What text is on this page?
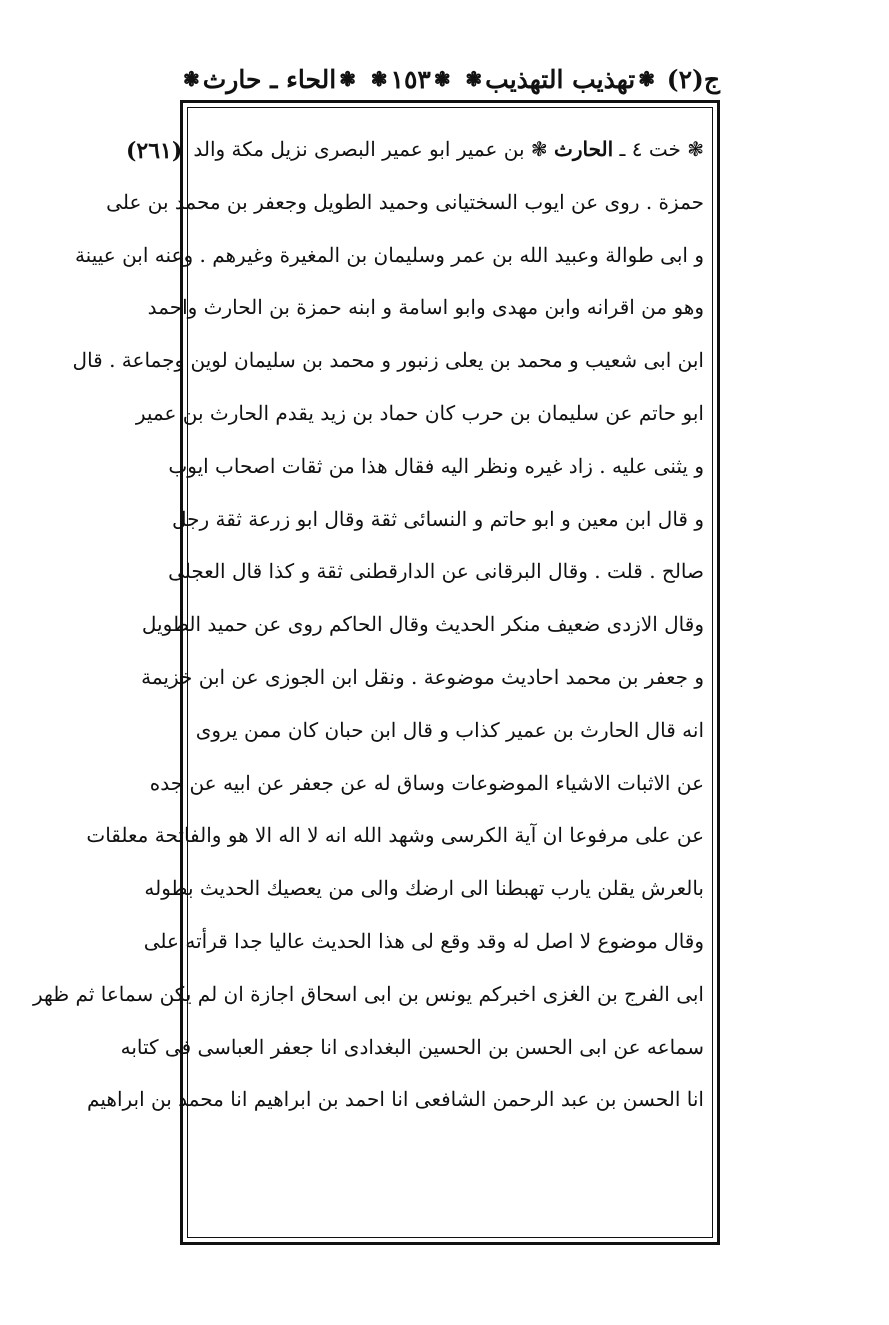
ج(٢)
❃
تهذيب التهذيب
❃
❃
١٥٣
❃
❃
الحاء ـ حارث
❃
(٢٦١)	❃ خت ٤ ـ الحارث ❃ بن عمير ابو عمير البصرى نزيل مكة والد
حمزة . روى عن ايوب السختيانى وحميد الطويل وجعفر بن محمد بن على
و ابى طوالة وعبيد الله بن عمر وسليمان بن المغيرة وغيرهم . وعنه ابن عيينة
وهو من اقرانه وابن مهدى وابو اسامة و ابنه حمزة بن الحارث واحمد
ابن ابى شعيب و محمد بن يعلى زنبور و محمد بن سليمان لوين وجماعة . قال
ابو حاتم عن سليمان بن حرب كان حماد بن زيد يقدم الحارث بن عمير
و يثنى عليه . زاد غيره ونظر اليه فقال هذا من ثقات اصحاب ايوب
و قال ابن معين و ابو حاتم و النسائى ثقة وقال ابو زرعة ثقة رجل
صالح . قلت . وقال البرقانى عن الدارقطنى ثقة و كذا قال العجلى
وقال الازدى ضعيف منكر الحديث وقال الحاكم روى عن حميد الطويل
و جعفر بن محمد احاديث موضوعة . ونقل ابن الجوزى عن ابن خزيمة
انه قال الحارث بن عمير كذاب و قال ابن حبان كان ممن يروى
عن الاثبات الاشياء الموضوعات وساق له عن جعفر عن ابيه عن جده
عن على مرفوعا ان آية الكرسى وشهد الله انه لا اله الا هو والفاتحة معلقات
بالعرش يقلن يارب تهبطنا الى ارضك والى من يعصيك الحديث بطوله
وقال موضوع لا اصل له وقد وقع لى هذا الحديث عاليا جدا قرأته على
ابى الفرج بن الغزى اخبركم يونس بن ابى اسحاق اجازة ان لم يكن سماعا ثم ظهر
سماعه عن ابى الحسن بن الحسين البغدادى انا جعفر العباسى فى كتابه
انا الحسن بن عبد الرحمن الشافعى انا احمد بن ابراهيم انا محمد بن ابراهيم
